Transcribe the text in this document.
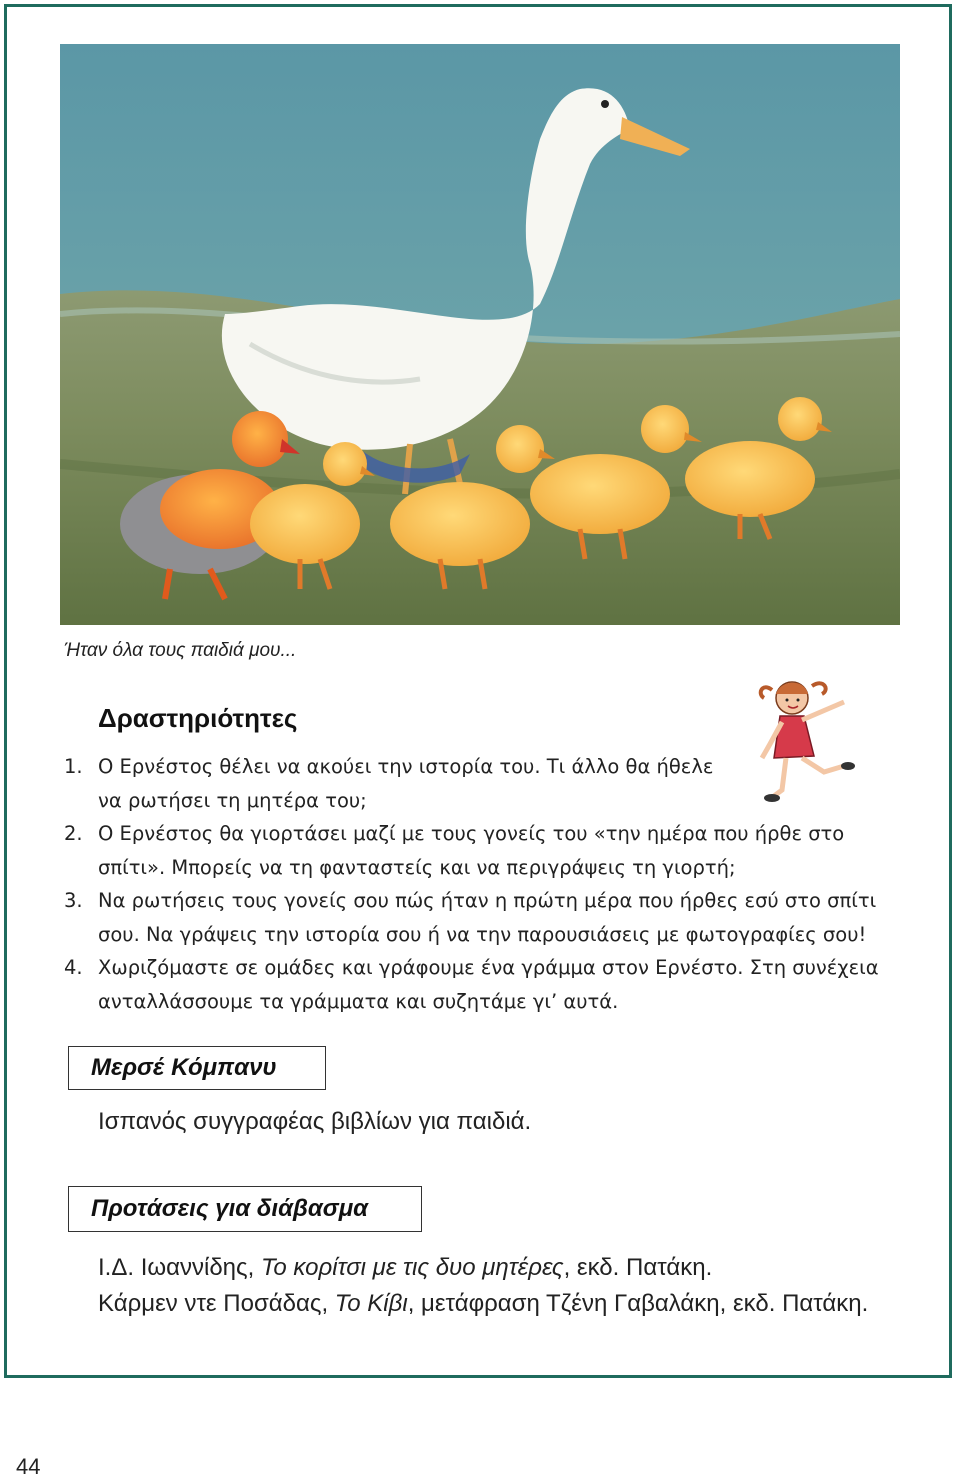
Ήταν όλα τους παιδιά μου...
Δραστηριότητες
1. Ο Ερνέστος θέλει να ακούει την ιστορία του. Τι άλλο θα ήθελε να ρωτήσει τη μητέρα του;
2. Ο Ερνέστος θα γιορτάσει μαζί με τους γονείς του «την ημέρα που ήρθε στο σπίτι». Μπορείς να τη φανταστείς και να περιγράψεις τη γιορτή;
3. Να ρωτήσεις τους γονείς σου πώς ήταν η πρώτη μέρα που ήρθες εσύ στο σπίτι σου. Να γράψεις την ιστορία σου ή να την παρουσιάσεις με φωτογραφίες σου!
4. Χωριζόμαστε σε ομάδες και γράφουμε ένα γράμμα στον Ερνέστο. Στη συνέχεια ανταλλάσσουμε τα γράμματα και συζητάμε γι’ αυτά.
Μερσέ Κόμπανυ
Ισπανός συγγραφέας βιβλίων για παιδιά.
Προτάσεις για διάβασμα

Ι.Δ. Ιωαννίδης, Το κορίτσι με τις δυο μητέρες, εκδ. Πατάκη.

Κάρμεν ντε Ποσάδας, Το Κίβι, μετάφραση Τζένη Γαβαλάκη, εκδ. Πατάκη.

44
